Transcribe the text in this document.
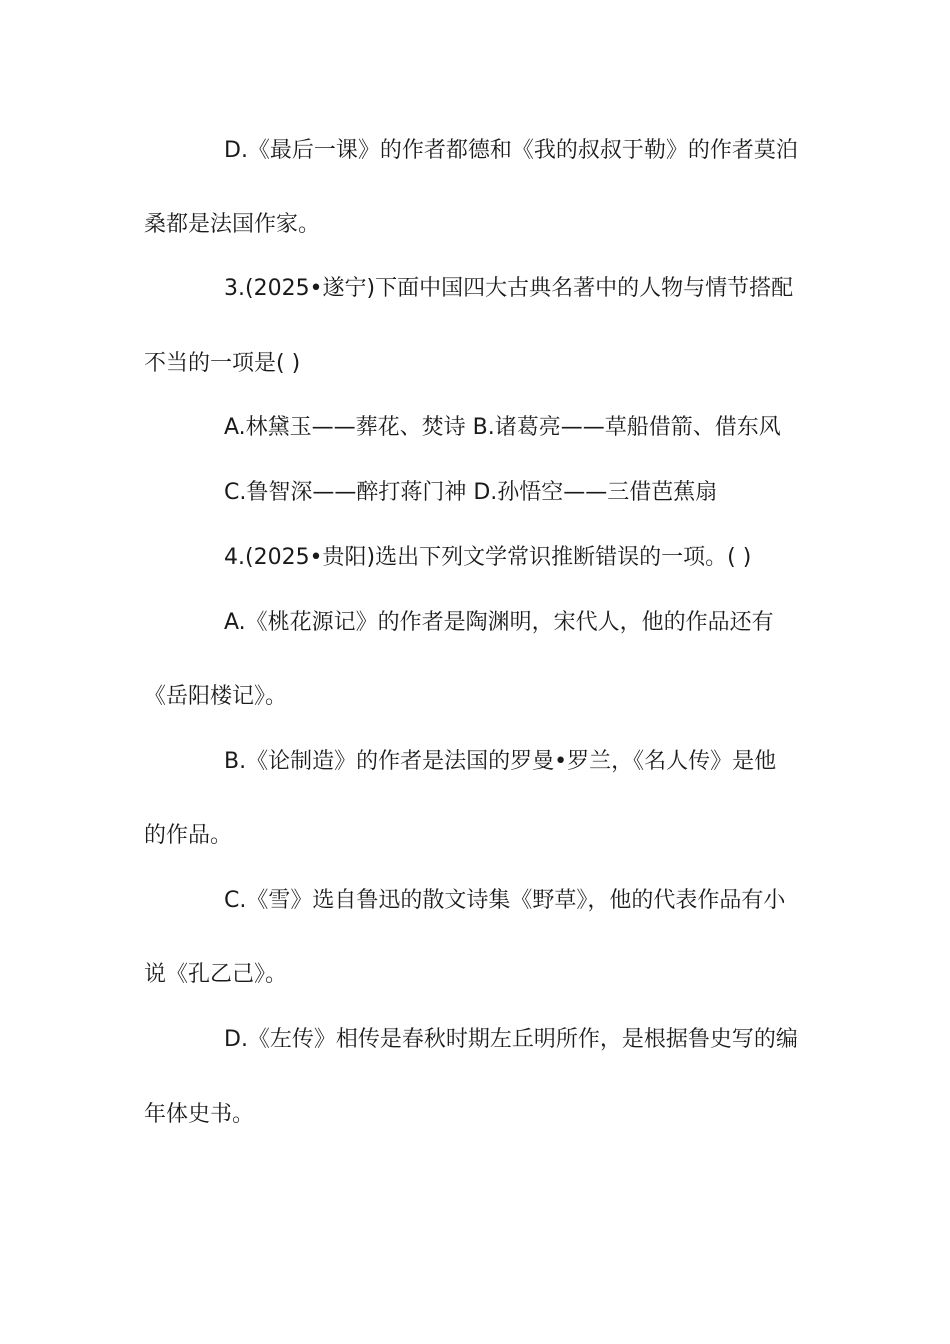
D.《最后一课》的作者都德和《我的叔叔于勒》的作者莫泊
桑都是法国作家。
3.(2025•遂宁)下面中国四大古典名著中的人物与情节搭配
不当的一项是( )
A.林黛玉——葬花、焚诗 B.诸葛亮——草船借箭、借东风
C.鲁智深——醉打蒋门神 D.孙悟空——三借芭蕉扇
4.(2025•贵阳)选出下列文学常识推断错误的一项。( )
A.《桃花源记》的作者是陶渊明，宋代人，他的作品还有
《岳阳楼记》。
B.《论制造》的作者是法国的罗曼•罗兰，《名人传》是他
的作品。
C.《雪》选自鲁迅的散文诗集《野草》，他的代表作品有小
说《孔乙己》。
D.《左传》相传是春秋时期左丘明所作，是根据鲁史写的编
年体史书。
